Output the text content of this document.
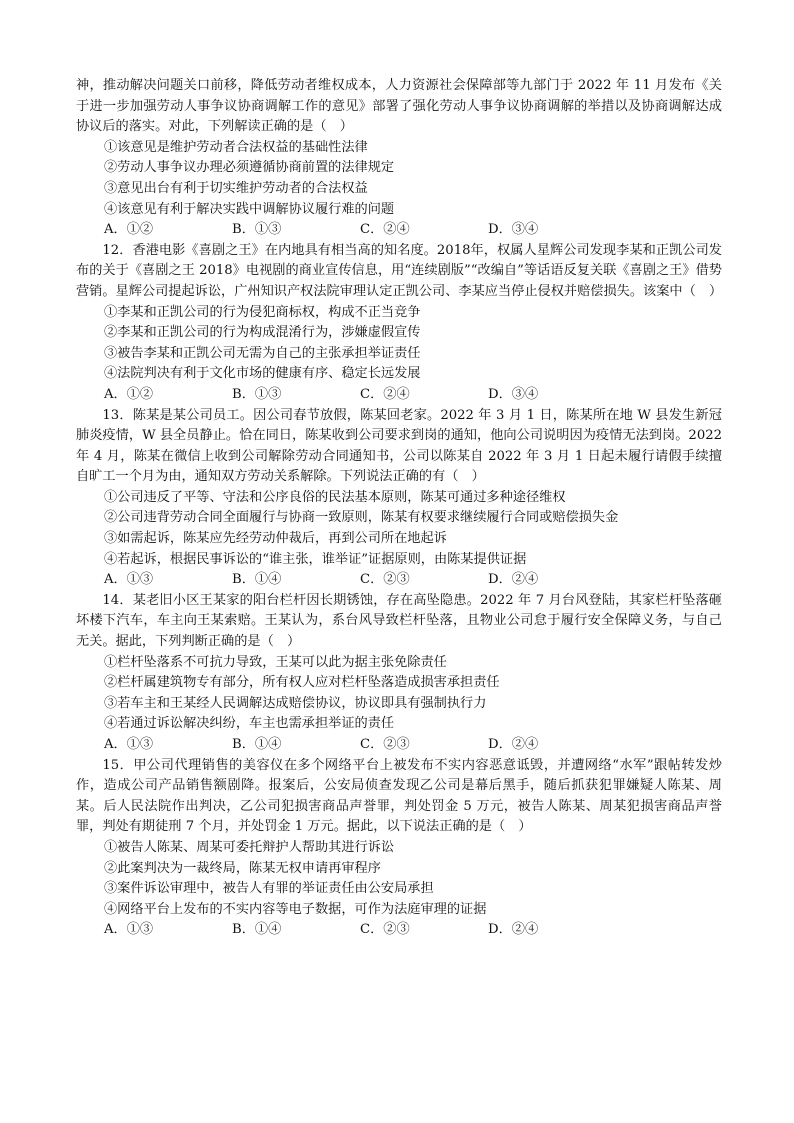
神，推动解决问题关口前移，降低劳动者维权成本，人力资源社会保障部等九部门于 2022 年 11 月发布《关于进一步加强劳动人事争议协商调解工作的意见》部署了强化劳动人事争议协商调解的举措以及协商调解达成协议后的落实。对此，下列解读正确的是（　）

①该意见是维护劳动者合法权益的基础性法律

②劳动人事争议办理必须遵循协商前置的法律规定

③意见出台有利于切实维护劳动者的合法权益

④该意见有利于解决实践中调解协议履行难的问题

A．①②	B．①③	C．②④	D．③④

12．香港电影《喜剧之王》在内地具有相当高的知名度。2018年，权属人星辉公司发现李某和正凯公司发布的关于《喜剧之王 2018》电视剧的商业宣传信息，用“连续剧版”“改编自”等话语反复关联《喜剧之王》借势营销。星辉公司提起诉讼，广州知识产权法院审理认定正凯公司、李某应当停止侵权并赔偿损失。该案中（　）

①李某和正凯公司的行为侵犯商标权，构成不正当竞争

②李某和正凯公司的行为构成混淆行为，涉嫌虚假宣传

③被告李某和正凯公司无需为自己的主张承担举证责任

④法院判决有利于文化市场的健康有序、稳定长远发展

A．①②	B．①③	C．②④	D．③④

13．陈某是某公司员工。因公司春节放假，陈某回老家。2022 年 3 月 1 日，陈某所在地 W 县发生新冠肺炎疫情，W 县全员静止。恰在同日，陈某收到公司要求到岗的通知，他向公司说明因为疫情无法到岗。2022 年 4 月，陈某在微信上收到公司解除劳动合同通知书，公司以陈某自 2022 年 3 月 1 日起未履行请假手续擅自旷工一个月为由，通知双方劳动关系解除。下列说法正确的有（　）

①公司违反了平等、守法和公序良俗的民法基本原则，陈某可通过多种途径维权

②公司违背劳动合同全面履行与协商一致原则，陈某有权要求继续履行合同或赔偿损失金

③如需起诉，陈某应先经劳动仲裁后，再到公司所在地起诉

④若起诉，根据民事诉讼的“谁主张，谁举证”证据原则，由陈某提供证据

A．①③	B．①④	C．②③	D．②④

14．某老旧小区王某家的阳台栏杆因长期锈蚀，存在高坠隐患。2022 年 7 月台风登陆，其家栏杆坠落砸坏楼下汽车，车主向王某索赔。王某认为，系台风导致栏杆坠落，且物业公司怠于履行安全保障义务，与自己无关。据此，下列判断正确的是（　）

①栏杆坠落系不可抗力导致，王某可以此为据主张免除责任

②栏杆属建筑物专有部分，所有权人应对栏杆坠落造成损害承担责任

③若车主和王某经人民调解达成赔偿协议，协议即具有强制执行力

④若通过诉讼解决纠纷，车主也需承担举证的责任

A．①③	B．①④	C．②③	D．②④

15．甲公司代理销售的美容仪在多个网络平台上被发布不实内容恶意诋毁，并遭网络“水军”跟帖转发炒作，造成公司产品销售额剧降。报案后，公安局侦查发现乙公司是幕后黑手，随后抓获犯罪嫌疑人陈某、周某。后人民法院作出判决，乙公司犯损害商品声誉罪，判处罚金 5 万元，被告人陈某、周某犯损害商品声誉罪，判处有期徒刑 7 个月，并处罚金 1 万元。据此，以下说法正确的是（　）

①被告人陈某、周某可委托辩护人帮助其进行诉讼

②此案判决为一裁终局，陈某无权申请再审程序

③案件诉讼审理中，被告人有罪的举证责任由公安局承担

④网络平台上发布的不实内容等电子数据，可作为法庭审理的证据

A．①③	B．①④	C．②③	D．②④
